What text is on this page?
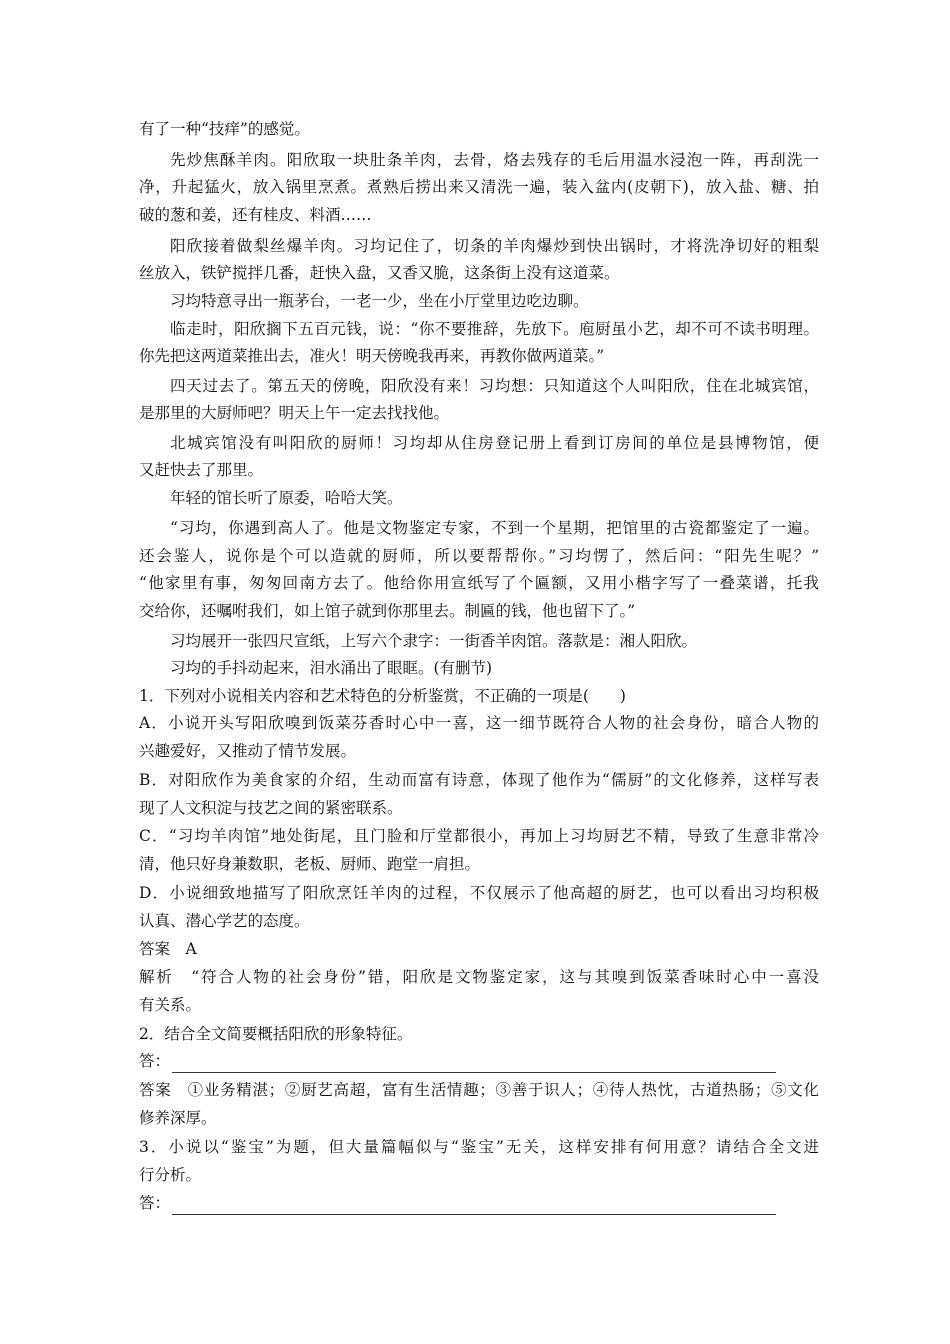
有了一种“技痒”的感觉。
先炒焦酥羊肉。阳欣取一块肚条羊肉，去骨，烙去残存的毛后用温水浸泡一阵，再刮洗一
净，升起猛火，放入锅里烹煮。煮熟后捞出来又清洗一遍，装入盆内(皮朝下)，放入盐、糖、拍
破的葱和姜，还有桂皮、料酒……
阳欣接着做梨丝爆羊肉。习均记住了，切条的羊肉爆炒到快出锅时，才将洗净切好的粗梨
丝放入，铁铲搅拌几番，赶快入盘，又香又脆，这条街上没有这道菜。
习均特意寻出一瓶茅台，一老一少，坐在小厅堂里边吃边聊。
临走时，阳欣搁下五百元钱，说：“你不要推辞，先放下。庖厨虽小艺，却不可不读书明理。
你先把这两道菜推出去，准火！明天傍晚我再来，再教你做两道菜。”
四天过去了。第五天的傍晚，阳欣没有来！习均想：只知道这个人叫阳欣，住在北城宾馆，
是那里的大厨师吧？明天上午一定去找找他。
北城宾馆没有叫阳欣的厨师！习均却从住房登记册上看到订房间的单位是县博物馆，便
又赶快去了那里。
年轻的馆长听了原委，哈哈大笑。
“习均，你遇到高人了。他是文物鉴定专家，不到一个星期，把馆里的古瓷都鉴定了一遍。
还会鉴人，说你是个可以造就的厨师，所以要帮帮你。”习均愣了，然后问：“阳先生呢？”
“他家里有事，匆匆回南方去了。他给你用宣纸写了个匾额，又用小楷字写了一叠菜谱，托我
交给你，还嘱咐我们，如上馆子就到你那里去。制匾的钱，他也留下了。”
习均展开一张四尺宣纸，上写六个隶字：一街香羊肉馆。落款是：湘人阳欣。
习均的手抖动起来，泪水涌出了眼眶。(有删节)
1．下列对小说相关内容和艺术特色的分析鉴赏，不正确的一项是(　　)
A．小说开头写阳欣嗅到饭菜芬香时心中一喜，这一细节既符合人物的社会身份，暗合人物的
兴趣爱好，又推动了情节发展。
B．对阳欣作为美食家的介绍，生动而富有诗意，体现了他作为“儒厨”的文化修养，这样写表
现了人文积淀与技艺之间的紧密联系。
C．“习均羊肉馆”地处街尾，且门脸和厅堂都很小，再加上习均厨艺不精，导致了生意非常冷
清，他只好身兼数职，老板、厨师、跑堂一肩担。
D．小说细致地描写了阳欣烹饪羊肉的过程，不仅展示了他高超的厨艺，也可以看出习均积极
认真、潜心学艺的态度。
答案　A
解析　“符合人物的社会身份”错，阳欣是文物鉴定家，这与其嗅到饭菜香味时心中一喜没
有关系。
2．结合全文简要概括阳欣的形象特征。
答：
答案　①业务精湛；②厨艺高超，富有生活情趣；③善于识人；④待人热忱，古道热肠；⑤文化
修养深厚。
3．小说以“鉴宝”为题，但大量篇幅似与“鉴宝”无关，这样安排有何用意？请结合全文进
行分析。
答：
